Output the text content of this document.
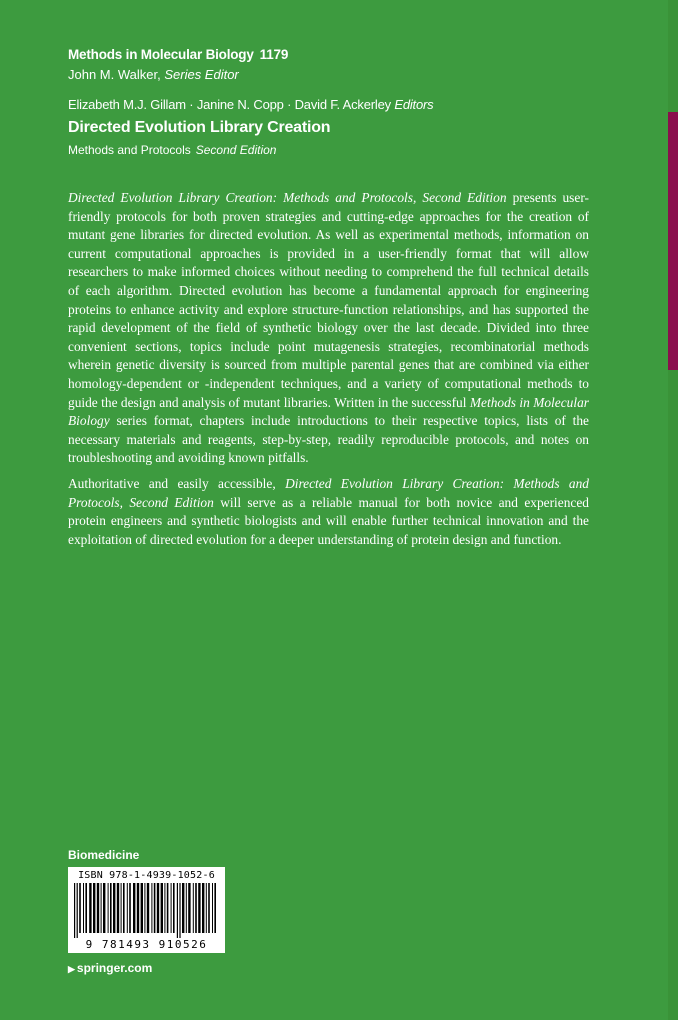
Methods in Molecular Biology 1179
John M. Walker, Series Editor
Elizabeth M.J. Gillam · Janine N. Copp · David F. Ackerley Editors
Directed Evolution Library Creation
Methods and Protocols Second Edition

Directed Evolution Library Creation: Methods and Protocols, Second Edition presents user-friendly protocols for both proven strategies and cutting-edge approaches for the creation of mutant gene libraries for directed evolution. As well as experimental methods, information on current computational approaches is provided in a user-friendly format that will allow researchers to make informed choices without needing to comprehend the full technical details of each algorithm. Directed evolution has become a fundamental approach for engineering proteins to enhance activity and explore structure-function relationships, and has supported the rapid development of the field of synthetic biology over the last decade. Divided into three convenient sections, topics include point mutagenesis strategies, recombinatorial methods wherein genetic diversity is sourced from multiple parental genes that are combined via either homology-dependent or -independent techniques, and a variety of computational methods to guide the design and analysis of mutant libraries. Written in the successful Methods in Molecular Biology series format, chapters include introductions to their respective topics, lists of the necessary materials and reagents, step-by-step, readily reproducible protocols, and notes on troubleshooting and avoiding known pitfalls.

Authoritative and easily accessible, Directed Evolution Library Creation: Methods and Protocols, Second Edition will serve as a reliable manual for both novice and experienced protein engineers and synthetic biologists and will enable further technical innovation and the exploitation of directed evolution for a deeper understanding of protein design and function.

Biomedicine
ISBN 978-1-4939-1052-6
9 781493 910526
▶ springer.com
